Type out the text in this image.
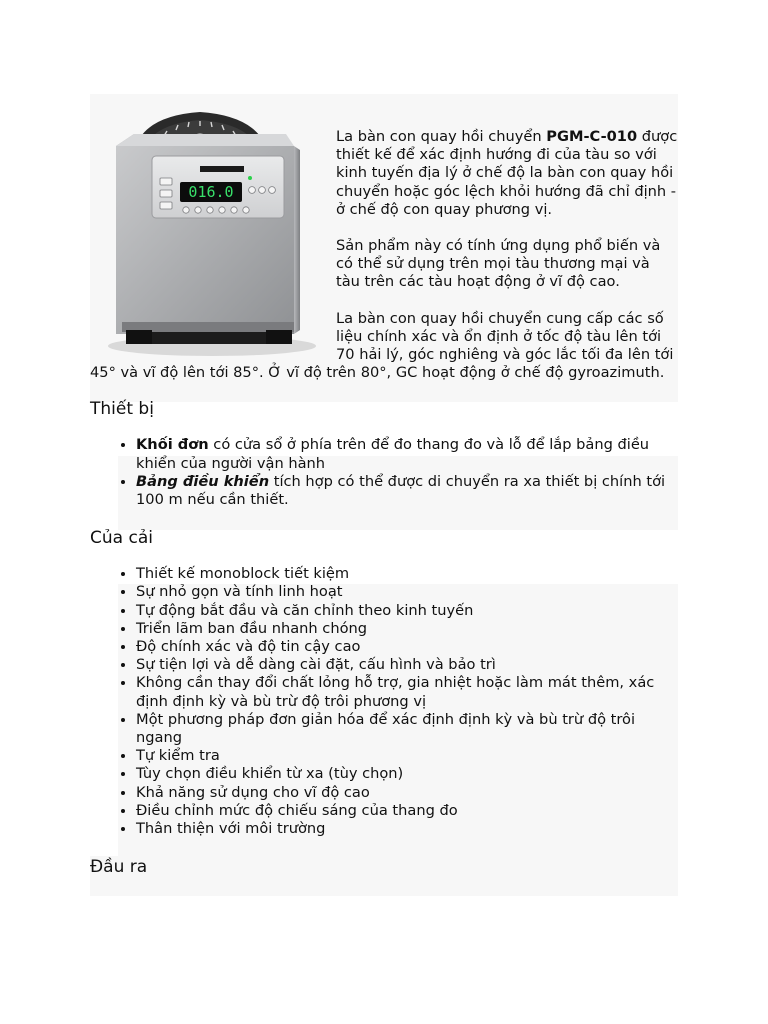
016.0

La bàn con quay hồi chuyển PGM-C-010 được thiết kế để xác định hướng đi của tàu so với kinh tuyến địa lý ở chế độ la bàn con quay hồi chuyển hoặc góc lệch khỏi hướng đã chỉ định - ở chế độ con quay phương vị.

Sản phẩm này có tính ứng dụng phổ biến và có thể sử dụng trên mọi tàu thương mại và tàu trên các tàu hoạt động ở vĩ độ cao.

La bàn con quay hồi chuyển cung cấp các số liệu chính xác và ổn định ở tốc độ tàu lên tới 70 hải lý, góc nghiêng và góc lắc tối đa lên tới 45° và vĩ độ lên tới 85°. Ở vĩ độ trên 80°, GC hoạt động ở chế độ gyroazimuth.

Thiết bị
• Khối đơn có cửa sổ ở phía trên để đo thang đo và lỗ để lắp bảng điều khiển của người vận hành
• Bảng điều khiển tích hợp có thể được di chuyển ra xa thiết bị chính tới 100 m nếu cần thiết.
Của cải
• Thiết kế monoblock tiết kiệm
• Sự nhỏ gọn và tính linh hoạt
• Tự động bắt đầu và căn chỉnh theo kinh tuyến
• Triển lãm ban đầu nhanh chóng
• Độ chính xác và độ tin cậy cao
• Sự tiện lợi và dễ dàng cài đặt, cấu hình và bảo trì
• Không cần thay đổi chất lỏng hỗ trợ, gia nhiệt hoặc làm mát thêm, xác định định kỳ và bù trừ độ trôi phương vị
• Một phương pháp đơn giản hóa để xác định định kỳ và bù trừ độ trôi ngang
• Tự kiểm tra
• Tùy chọn điều khiển từ xa (tùy chọn)
• Khả năng sử dụng cho vĩ độ cao
• Điều chỉnh mức độ chiếu sáng của thang đo
• Thân thiện với môi trường
Đầu ra
